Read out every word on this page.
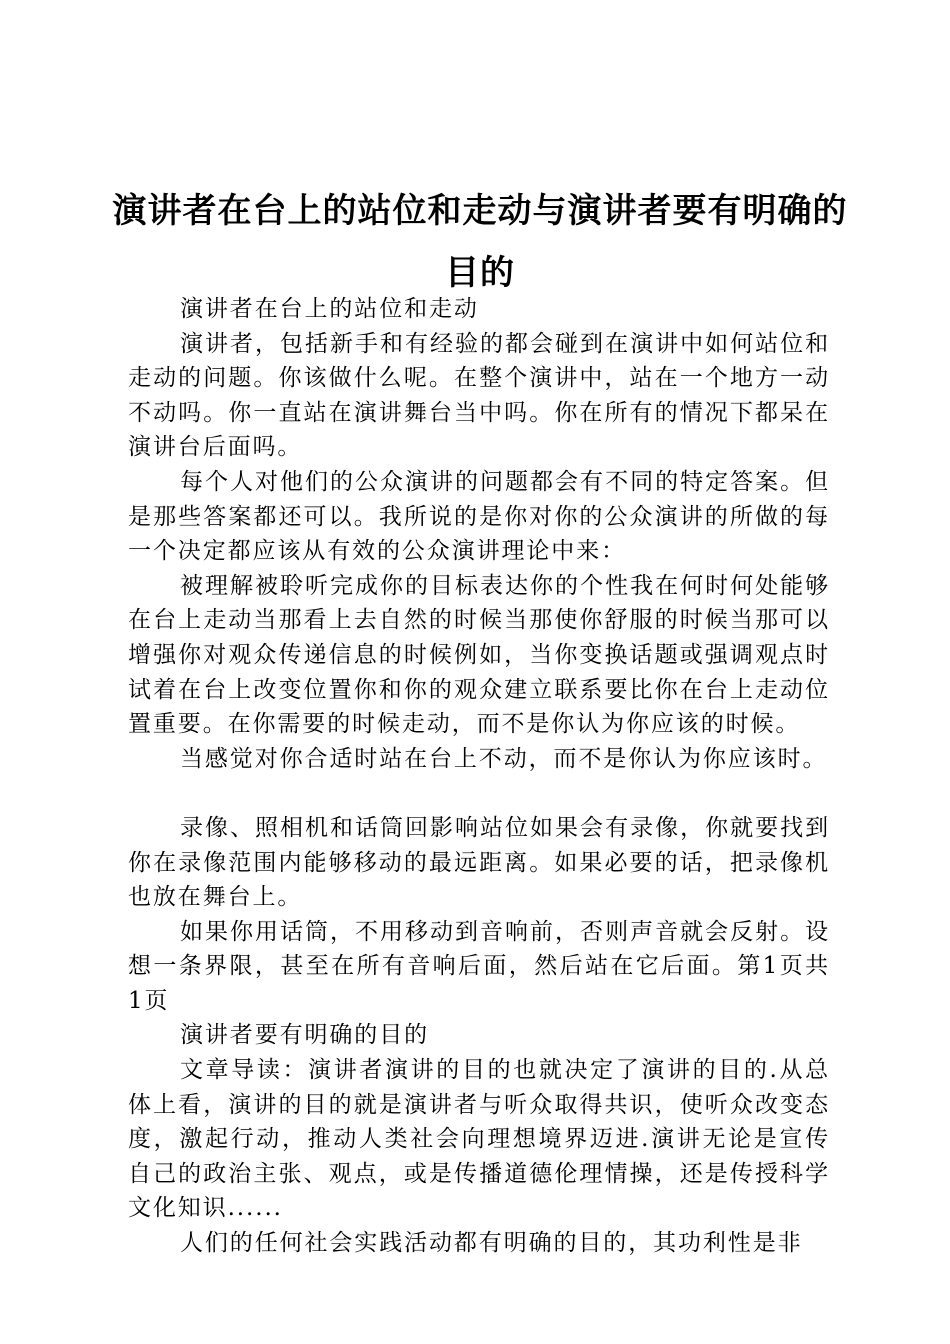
演讲者在台上的站位和走动与演讲者要有明确的目的

演讲者在台上的站位和走动

演讲者，包括新手和有经验的都会碰到在演讲中如何站位和走动的问题。你该做什么呢。在整个演讲中，站在一个地方一动不动吗。你一直站在演讲舞台当中吗。你在所有的情况下都呆在演讲台后面吗。

每个人对他们的公众演讲的问题都会有不同的特定答案。但是那些答案都还可以。我所说的是你对你的公众演讲的所做的每一个决定都应该从有效的公众演讲理论中来：

被理解被聆听完成你的目标表达你的个性我在何时何处能够在台上走动当那看上去自然的时候当那使你舒服的时候当那可以增强你对观众传递信息的时候例如，当你变换话题或强调观点时试着在台上改变位置你和你的观众建立联系要比你在台上走动位置重要。在你需要的时候走动，而不是你认为你应该的时候。

当感觉对你合适时站在台上不动，而不是你认为你应该时。

录像、照相机和话筒回影响站位如果会有录像，你就要找到你在录像范围内能够移动的最远距离。如果必要的话，把录像机也放在舞台上。

如果你用话筒，不用移动到音响前，否则声音就会反射。设想一条界限，甚至在所有音响后面，然后站在它后面。第1页共1页

演讲者要有明确的目的

文章导读：演讲者演讲的目的也就决定了演讲的目的.从总体上看，演讲的目的就是演讲者与听众取得共识，使听众改变态度，激起行动，推动人类社会向理想境界迈进.演讲无论是宣传自己的政治主张、观点，或是传播道德伦理情操，还是传授科学文化知识......

人们的任何社会实践活动都有明确的目的，其功利性是非
